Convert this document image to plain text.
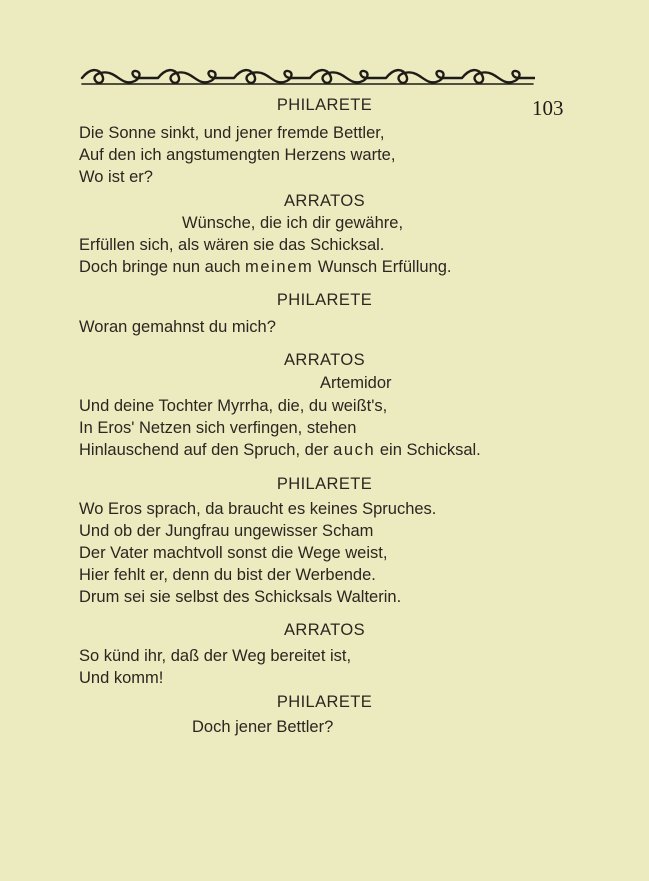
103
PHILARETE
Die Sonne sinkt, und jener fremde Bettler,
Auf den ich angstumengten Herzens warte,
Wo ist er?
ARRATOS
Wünsche, die ich dir gewähre,
Erfüllen sich, als wären sie das Schicksal.
Doch bringe nun auch meinem Wunsch Erfüllung.
PHILARETE
Woran gemahnst du mich?
ARRATOS
Artemidor
Und deine Tochter Myrrha, die, du weißt's,
In Eros' Netzen sich verfingen, stehen
Hinlauschend auf den Spruch, der auch ein Schicksal.
PHILARETE
Wo Eros sprach, da braucht es keines Spruches.
Und ob der Jungfrau ungewisser Scham
Der Vater machtvoll sonst die Wege weist,
Hier fehlt er, denn du bist der Werbende.
Drum sei sie selbst des Schicksals Walterin.
ARRATOS
So künd ihr, daß der Weg bereitet ist,
Und komm!
PHILARETE
Doch jener Bettler?
